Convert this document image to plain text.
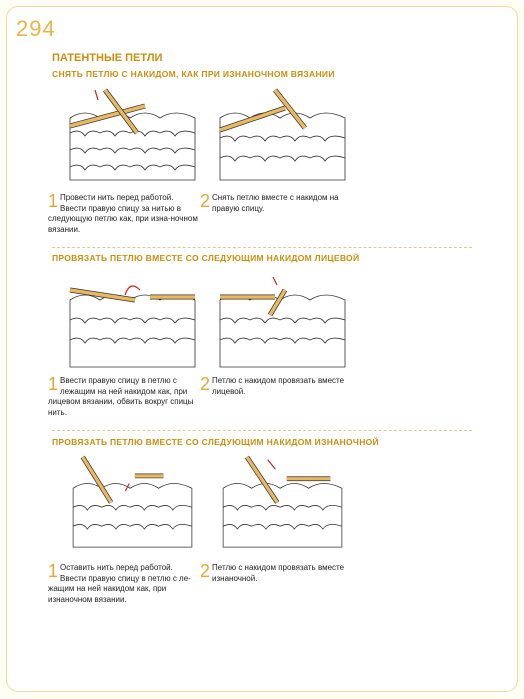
294
ПАТЕНТНЫЕ ПЕТЛИ
СНЯТЬ ПЕТЛЮ С НАКИДОМ, КАК ПРИ ИЗНАНОЧНОМ ВЯЗАНИИ
1 Провести нить перед работой. Ввести правую спицу за нитью в следующую петлю как, при изна-ночном вязании.
2 Снять петлю вместе с накидом на правую спицу.
ПРОВЯЗАТЬ ПЕТЛЮ ВМЕСТЕ СО СЛЕДУЮЩИМ НАКИДОМ ЛИЦЕВОЙ
1 Ввести правую спицу в петлю с лежащим на ней накидом как, при лицевом вязании, обвить вокруг спицы нить.
2 Петлю с накидом провязать вместе лицевой.
ПРОВЯЗАТЬ ПЕТЛЮ ВМЕСТЕ СО СЛЕДУЮЩИМ НАКИДОМ ИЗНАНОЧНОЙ
1 Оставить нить перед работой. Ввести правую спицу в петлю с ле-жащим на ней накидом как, при изнаночном вязании.
2 Петлю с накидом провязать вместе изнаночной.
